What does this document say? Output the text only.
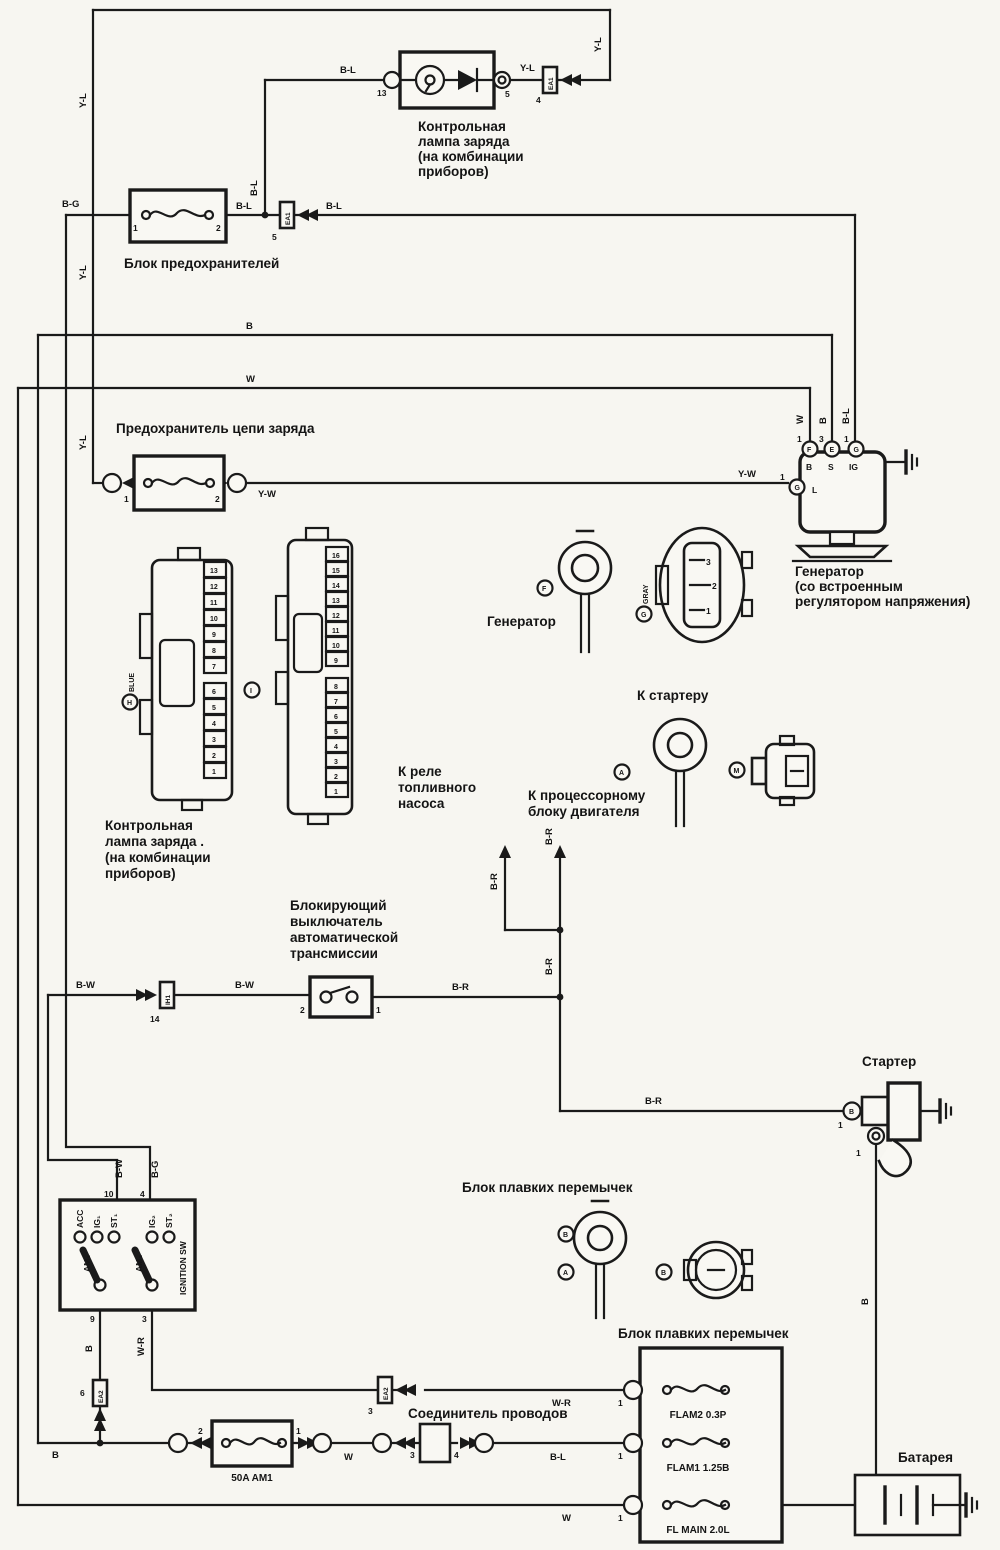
Y-L
Y-L
Y-L
Y-L
B-L	Y-L
B-L
B-G	B-L	B-L
B
W
Y-W
Y-W
W B B-L
B-W	B-W	B-R
B-R
B-R
B-R
B-R
B
B-W	B-G
B	W-R
W-R
B-L
W
B
W
13	5
EA1
4
Контрольная
лампа заряда
(на комбинации
приборов)
1	2
EA1
5
Блок предохранителей
Предохранитель цепи заряда
1	2
F	E	G
1 3 1
B S IG
G
1
L
Генератор
(со встроенным
регулятором напряжения)
F
Генератор
3
2
1
G
GRAY
1
2
3
4
5
6
7
8
9
10
11
12
13
H
BLUE
1
2
3
4
5
6
7
8
9
10
11
12
13
14
15
16
I
Контрольная
лампа заряда .
(на комбинации
приборов)
К стартеру
A	M
К реле
топливного
насоса
К процессорному
блоку двигателя
IH1
14
2	1
Блокирующий
выключатель
автоматической
трансмиссии
Стартер
B
1
1
ACC IG₁ ST₁	IG₂ ST₂
AM₁	AM₂	IGNITION SW
10	4
9	3
EA2
6	EA2
3
2	1
50A AM1
Соединитель проводов
3	4
Блок плавких перемычек
B
A	B
Блок плавких перемычек
1
FLAM2 0.3P
1
FLAM1 1.25B
1
FL MAIN 2.0L
Батарея
